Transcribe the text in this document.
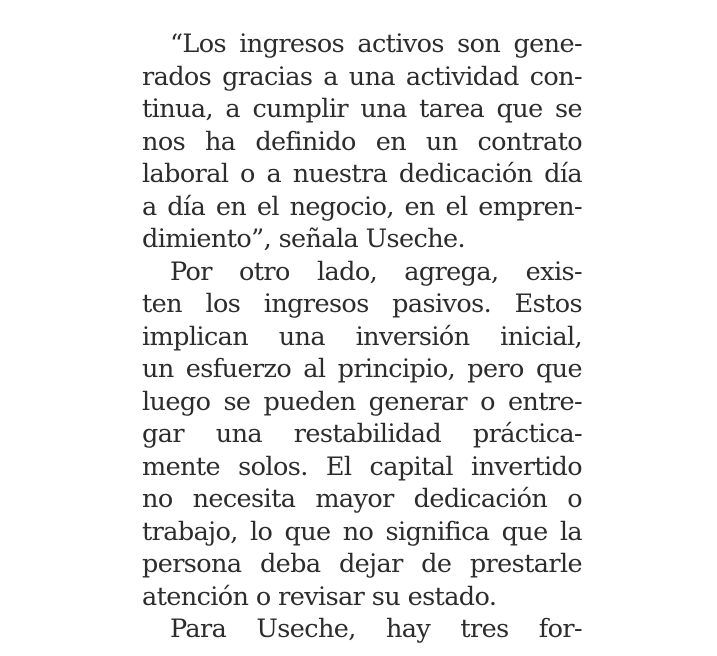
“Los ingresos activos son gene-
rados gracias a una actividad con-
tinua, a cumplir una tarea que se
nos ha definido en un contrato
laboral o a nuestra dedicación día
a día en el negocio, en el empren-
dimiento”, señala Useche.
Por otro lado, agrega, exis-
ten los ingresos pasivos. Estos
implican una inversión inicial,
un esfuerzo al principio, pero que
luego se pueden generar o entre-
gar una restabilidad prácticа-
mente solos. El capital invertido
no necesita mayor dedicación o
trabajo, lo que no significa que la
persona deba dejar de prestarle
atención o revisar su estado.
Para Useche, hay tres for-
